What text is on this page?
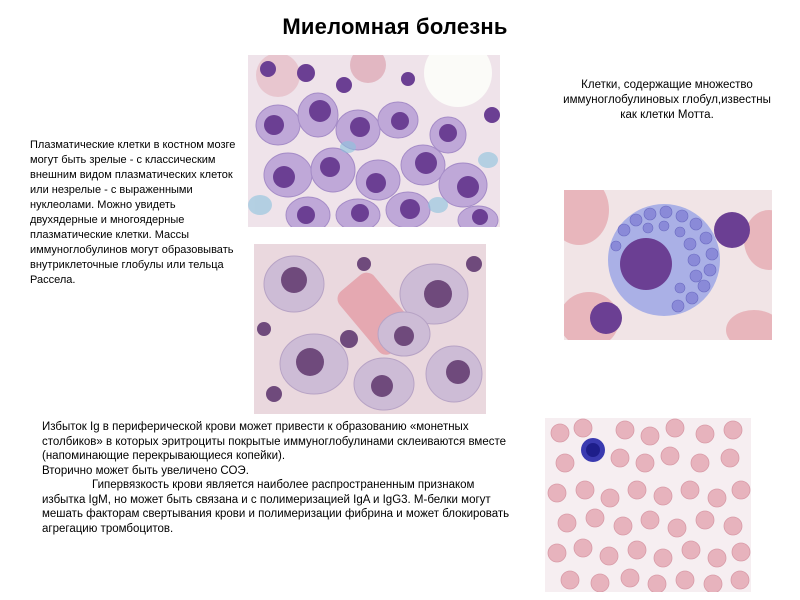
Миеломная болезнь
Плазматические клетки в костном мозге могут быть зрелые - с классическим внешним видом плазматических клеток или незрелые - с выраженными нуклеолами. Можно увидеть двухядерные и многоядерные плазматические клетки. Массы иммуноглобулинов могут образовывать внутриклеточные глобулы или тельца Рассела.
Клетки, содержащие множество иммуноглобулиновых глобул,известны как клетки Мотта.

Избыток Ig в периферической крови может привести к образованию «монетных столбиков» в которых эритроциты покрытые иммуноглобулинами склеиваются вместе (напоминающие перекрывающиеся копейки).

Вторично может быть увеличено СОЭ.

Гипервязкость крови является наиболее распространенным признаком избытка IgM, но может быть связана и с полимеризацией IgA и IgG3. М-белки могут мешать факторам свертывания крови и полимеризации фибрина и может блокировать агрегацию тромбоцитов.
